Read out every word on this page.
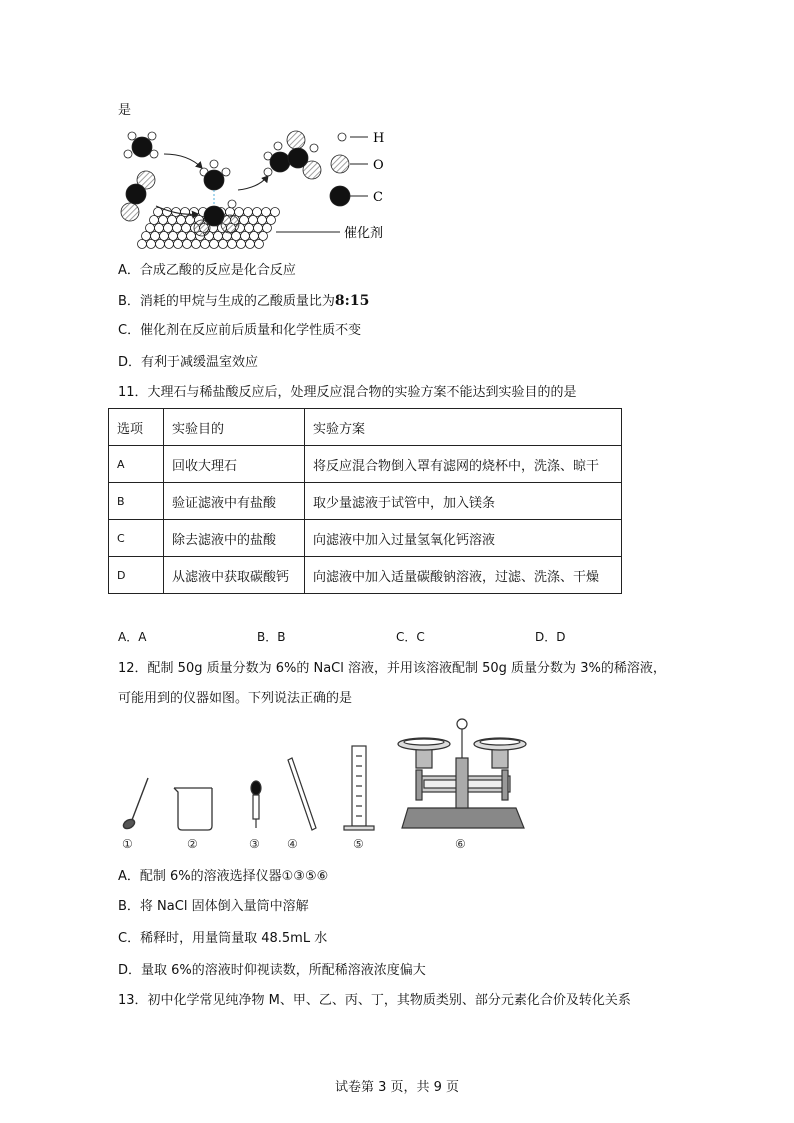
是
H
O
C
催化剂
A．合成乙酸的反应是化合反应
B．消耗的甲烷与生成的乙酸质量比为8:15
C．催化剂在反应前后质量和化学性质不变
D．有利于减缓温室效应
11．大理石与稀盐酸反应后，处理反应混合物的实验方案不能达到实验目的的是
选项	实验目的	实验方案
A	回收大理石	将反应混合物倒入罩有滤网的烧杯中，洗涤、晾干
B	验证滤液中有盐酸	取少量滤液于试管中，加入镁条
C	除去滤液中的盐酸	向滤液中加入过量氢氧化钙溶液
D	从滤液中获取碳酸钙	向滤液中加入适量碳酸钠溶液，过滤、洗涤、干燥
A．A	B．B	C．C	D．D
12．配制 50g 质量分数为 6%的 NaCl 溶液，并用该溶液配制 50g 质量分数为 3%的稀溶液，
可能用到的仪器如图。下列说法正确的是
①	②	③ ④	⑤	⑥
A．配制 6%的溶液选择仪器①③⑤⑥
B．将 NaCl 固体倒入量筒中溶解
C．稀释时，用量筒量取 48.5mL 水
D．量取 6%的溶液时仰视读数，所配稀溶液浓度偏大
13．初中化学常见纯净物 M、甲、乙、丙、丁，其物质类别、部分元素化合价及转化关系
试卷第 3 页，共 9 页
